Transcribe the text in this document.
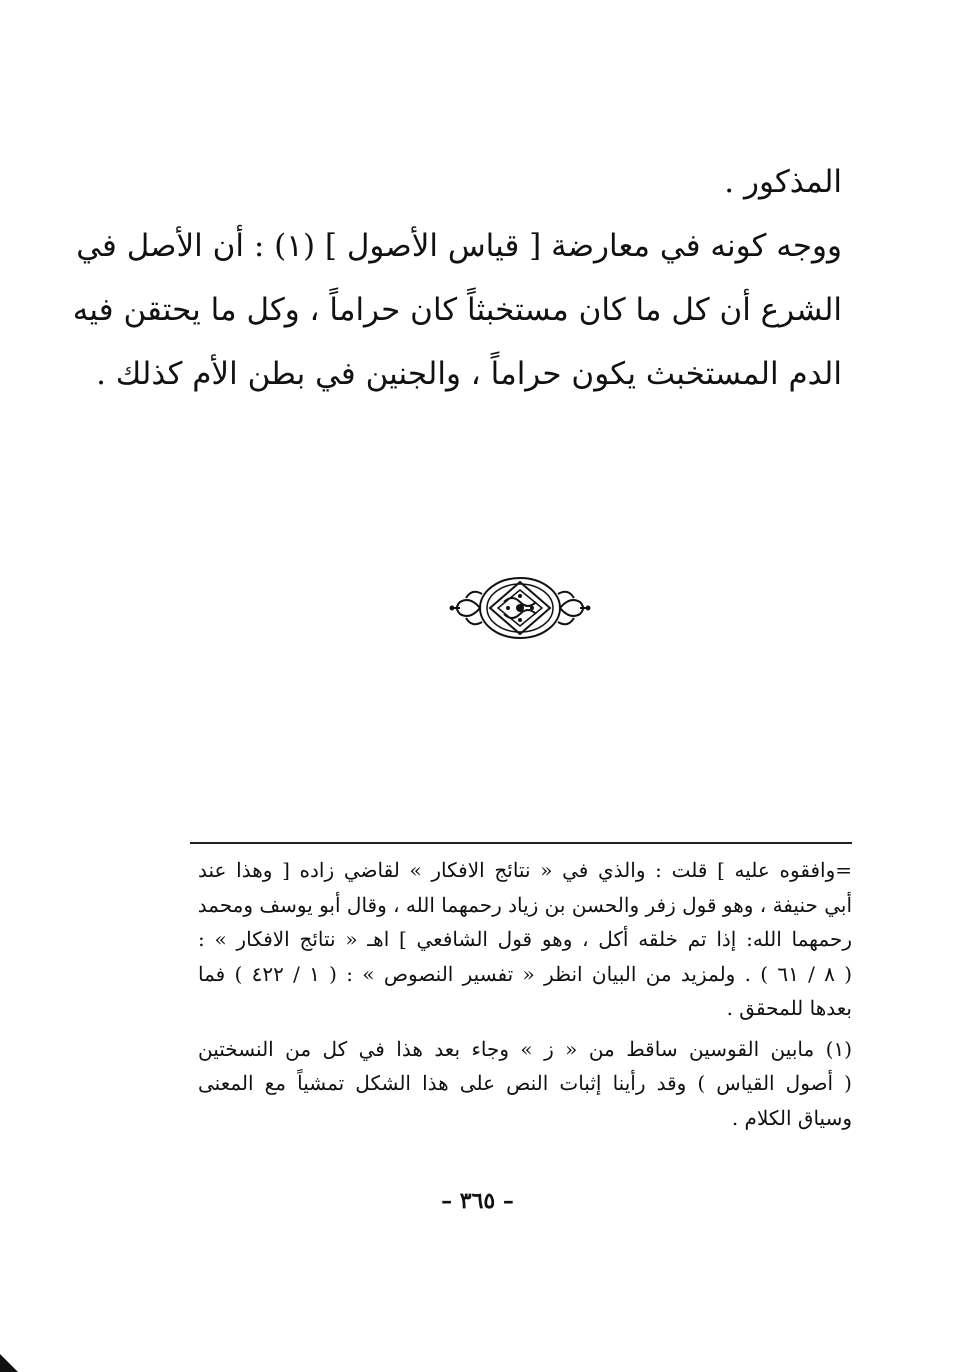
المذكور .
ووجه كونه في معارضة [ قياس الأصول ] (١) : أن الأصل في
الشرع أن كل ما كان مستخبثاً كان حراماً ، وكل ما يحتقن فيه
الدم المستخبث يكون حراماً ، والجنين في بطن الأم كذلك .
=وافقوه عليه ] قلت : والذي في « نتائج الافكار » لقاضي زاده [ وهذا عند
أبي حنيفة ، وهو قول زفر والحسن بن زياد رحمهما الله ، وقال أبو يوسف ومحمد
رحمهما الله: إذا تم خلقه أكل ، وهو قول الشافعي ] اهـ « نتائج الافكار » :
( ٨ / ٦١ ) . ولمزيد من البيان انظر « تفسير النصوص » : ( ١ / ٤٢٢ ) فما
بعدها للمحقق .
(١) مابين القوسين ساقط من « ز » وجاء بعد هذا في كل من النسختين
( أصول القياس ) وقد رأينا إثبات النص على هذا الشكل تمشياً مع المعنى
وسياق الكلام .
– ٣٦٥ –
